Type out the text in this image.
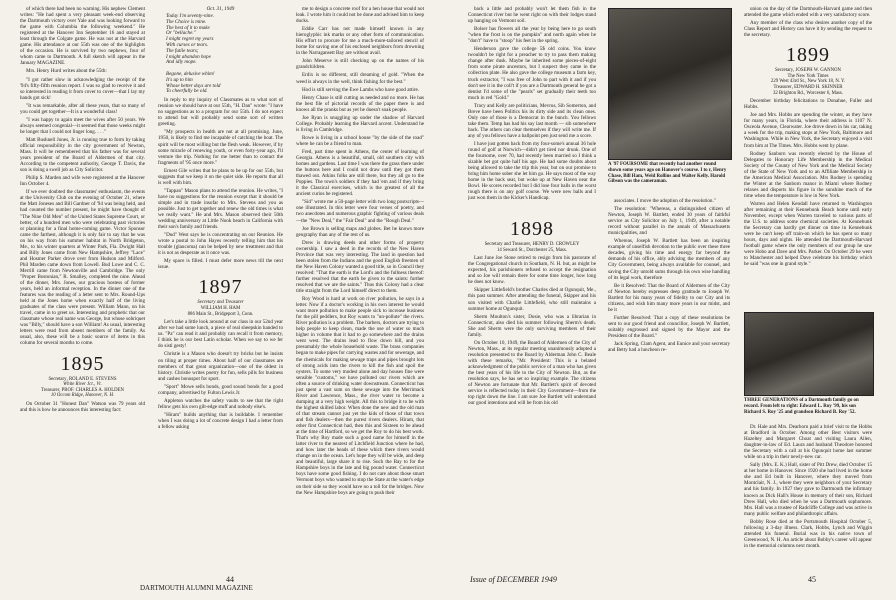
of which there had been no warning. His nephew Clement writes: "He had spent a very pleasant week-end observing the Dartmouth victory over Yale and was looking forward to the game with Columbia the following weekend." He registered at the Hanover Inn September 16 and stayed at least through the Colgate game. He was not at the Harvard game. His attendance at our 55th was one of the highlights of the occasion. He is survived by two nephews, four of whom came to Dartmouth. A full sketch will appear in the January MAGAZINE.

Mrs. Henry Hurd writes about the 55th:

"I got rather slow in acknowledging the receipt of the '94's fifty-fifth reunion report. I was so glad to receive it and so interested in reading it from cover to cover—that I lay my hands got sick!

"It was remarkable, after all these years, that so many of you could get together—It is a wonderful class!

"I was happy to again meet the wives after 50 years. We always seemed congenial—it seemed that those weeks might be longer that I could not linger long. . . ."

Matt Bushnell Jones, Jr. is running true to form by taking official responsibility in the city government of Newton, Mass. It will be remembered that his father was for several years president of the Board of Aldermen of that city. According to the competent authority, George T. Davis, the son is doing a swell job as City Solicitor.

Philip S. Marden and wife were registered at the Hanover Inn October 4.

If we ever doubted the classmates' enthusiasm, the events at the University Club on the evening of October 21, where the Matt Joneses and Bill Gardner of '94 was being held, and had counted the number present, he might have thought of "The Nine Old Men" of the United States Supreme Court, or better, of a hundred men who were celebrating past victories or planning for a final home-coming game. Victor Sponsor came the farthest, although it is only fair to say that he was on his way from his summer habitat in North Bridgeton, Me., to his winter quarters at Winter Park, Fla. Dwight Hall and Billy Jones came from New Hampshire, Jeffrey "Lace" and Hosmer Parker drove over from Hudson and Milford. Phil Marden came down from Lowell. Bud Lowe and C. C. Merrill came from Newtonville and Cambridge. The only "Proper Bostonian," R. Smalley, completed the nine. Ahead of the dinner, Mrs. Jones, our gracious hostess of former years, held an informal reception. In the dinner one of the features was the reading of a letter sent to Mrs. Round-Ups held at the Jones home when exactly half of the living graduates of the class were present. William Mann, on his travel, came in to greet us. Interesting and prophetic that our classmate whose real name was George, but whose sobriquet was "Billy," should have a son William! As usual, interesting letters were read from absent members of the family. As usual, also, these will be a basic source of items in this column for several months to come.

1895
Secretary, ROLAND E. STEVENS
White River Jct., Vt.
Treasurer, PROF. CHARLES A. HOLDEN
10 Occom Ridge, Hanover, N. H.

On October 31 "Honest Dan" Watson was 79 years old and this is how he announces this interesting fact:

Oct. 31, 1949
Today I'm seventy-nine.
The Choice is mine.
The best of it to make
Or "bellache."
I might regret my years
With curses or tears.
The futile tears;
I might abandon hope
And idly mope.

Begone, delusive whim!
It's up to him
Whose better days are told
To cheerfully be old.

In reply to my inquiry of Classmates as to what sort of reunion we should have at our 55th, "H. Dan" wrote: "I have no suggestions as to a program for our 55th. I do not expect to attend but will probably send some sort of written greeting.

"My prospects in health are not at all promising. June, 1950, is likely to find me incapable of catching the boat. The spirit will be most willing but the flesh weak. However, if by some miracle of renewing youth, or even forty-year ago, I'll venture the trip. Nothing for me better than to contact the fragments of '95 once more."

Ernest Gile writes that he plans to be up for our 55th, but suggests that we keep it on the quiet side. He reports that all is well with him.

"Tappan" Mason plans to attend the reunion. He writes, "I have no suggestions for the reunion except that it should be simple and in trade insofar to Mrs. Stevens and you as possible. Just to get together and renew the old times is what we really want." He and Mrs. Mason observed their 50th wedding anniversary at Little Nook beach in California with their son's family and friends.

"Dud" West says he is concentrating on our Reunion. He wrote a postal to John Hayes recently telling him that his trouble (glaucoma) can be helped by new treatment and that it is not as desperate as it once was.

My space is filled. I must defer more news till the next issue.

1897
Secretary and Treasurer
WILLIAM H. HAM
886 Main St., Bridgeport 3, Conn.

Let's take a little look around at our class in our 52nd year after we had some lunch, a piece of real sheepskin handed to us. "Pa" can read it and probably can recall it from memory, I think he is our best Latin scholar. When we say to we fer do sisti gesty!

Christie is a Mason who doesn't try bricks but he insists on tiling at proper times. About half of our classmates are members of that great organization—one of the oldest in history. Christie writes poetry for fun, sells pills for business and cashes bonuspot for sport.

"Sport" Mowe sells bonds, good sound bonds for a good company, advertised by Fulton Lewis Jr.

Appleton watches the safety vaults to see that the right fellow gets his own gilt-edge stuff and nobody else's.

"Hiram" builds anything that is buildable. I remember when I was doing a lot of concrete design I had a letter from a fellow asking

me to design a concrete roof for a hen house that would not leak. I wrote him it could not be done and advised him to keep ducks.

Eddie Carr has not made himself known in any hieroglyphic ink marks or any other form of communication. His effort to procure for me a much-more-tailored stencil of home for saving one of his enclosed neighbors from drowning in the Narragansett Bay are without avail.

John Meserve is still checking up on the names of his grandchildren.

Erdix is no different, still dreaming of gold. "When the weed is always in the well, think fishing for the best."

Hod is still serving the Ewe Lambs who have good attire.

Henry Chase is still cutting as needed and no more. He has the best file of pictorial records of the paper there is and knows all the pranks but as yet he doesn't soak people.

Joe Ryan is snuggling up under the shadow of Harvard College. Probably learning the Harvard accent. Understand he is living in Cambridge.

Rowe is living in a school house "by the side of the road" where he can be a friend to man.

Fred, part time spent in Athens, the center of learning of Georgia. Athens is a beautiful, small, old southern city with homes and gardens. Last time I was there the grass there under the buttons here and I could not draw until they got them thawed out. Atkins folks are still there, but they all go to the Poppies. The town's soldiers if they had 'em and if they bring it the Classical exercises, which is the greatest of all the ancient curios be registered.

"Sid" wrote me a 50-page letter with two long postscripts—one illustrated. In this letter were four verses of poetry, and two anecdotes and numerous graphic fighting of various deals—the "New Deal," the "Fair Deal" and the "Rough Deal."

Joe Brown is selling maps and globes. Bet he knows more geography than any of the rest of us.

Drew is drawing deeds and other forms of property ownership. I saw a deed in the records of the New Haven Province that was very interesting. The land in question had been stolen from the Indians and the good English freemen of the New Haven Colony wanted a good title, so in Council they resolved: "That the earth is the Lord's and the fullness thereof: further resolved that the earth be given to the saints: further resolved that we are the saints." Thus this Colony had a clear title straight from the Lord himself direct to them.

Roy Wood is hard at work on river pollution, he says in a letter. Now if a doctor's working in his own interest he would want more pollution to make people sick to increase business for the pill peddlers, but Roy wants to "un-pollute" the rivers. River pollution is a problem. The barbers, doctors are trying to help people to keep clean, made the use of water so much higher in volume that it had to go somewhere and the drains went west. The drains lead to flow down hill, and you presumably the whole household waste. The brass companies began to make pipes for carrying wastes and for sewerage, and the chemicals for making sewage traps and pipes brought lots of strong acids into the rivers to kill the fish and spoil the oysters. To some very modest alone and day houses fine were sensible "customs," we have polluted our rivers which are often a source of drinking water downstream. Connecticut has just spent a vast sum on these sewage into the Merrimack River and Lawrence, Mass., the river water to become a dumping at a very high weight. All this to bridge it to be with the highest skilled labor. When done the new and the old man of that stream cannot just yet the kids of those of that town and fish dealers—then the purest rivers dealers. Hiram, that other first Connecticut had, then this and Sixteen to be ahead at the time of Hartford, so we get the Roy to do his best work. That's why Roy made such a good name for himself in the latter river to the nearest of Litchfield Junction where he had, and how later the heads of these which there rivers would change on in the ocean. Let's hope they will be wide, and deep and beautiful, large share it to rise. Such the Bay to for the Hampshire boys in the late and big pound water. Connecticut boys have some good fishing. I do not care about those smart Vermont boys who wanted to stop the State at the water's edge on their side so they would have no a toll for the bridges. Now the New Hampshire boys are going to push their

44
DARTMOUTH ALUMNI MAGAZINE

back a little and probably won't let them fish in the Connecticut river but he went right on with their lodges stand up hanging on Vermont soil.

Bolser has flowers all the year by being here to go south "when the frost is on the pumpkin" and north again when he "don't" have to "stoop" his feet in the spring.

Henderson gave the college 5$ old coins. You know twouldn't be right for a preacher to try to pass them making change after dusk. Maybe he inherited some pieces-of-eight from some pirate ancestors, but I suspect they came in the collection plate. He also gave the college museum a farm key, truck extractor, "I was free of John to part with it and if you don't see it in the coll't if you are a Dartmouth general he got a dentist I'd some of the "pearls" set gradually their teeth too much in red "Gold."

Tracy and Kelly are politicians, Mevrus, Sib Somerton, and Breve have been Politics his its dirty side and its clean ones. Only one of those is a Democrat in the bunch. You fellows take them. Temp has had his say last month — sib somewhere back. The others can clear themselves if they will write me. If any of you fellows have a ballpoint pen just send me a score.

I have just gotten back from my four-some's annual 36 hole round of golf at Norwich—didn't get tired nor drunk. One of the foursome, over 70, had recently been married so I think a sizable bet got quite half his age. He had some doubts about being allowed to take the trip this year, but on our promise to bring him home sober she let him go. He says most of the way home in the back seat, but woke up at New Haven near the Bowl. He scores recorded but I did lose four balls in the worst rough there is on any golf course. We were new balls and I just won them in the Kicker's Handicap.

A '97 FOURSOME that recently had another round shown some years ago on Hanover's course. I to r, Henry Chase, Bill Ham, Weld Rollins and Walter Kelly. Harold Gibson was the cameraman.
1898
Secretary and Treasurer, HENRY D. CROWLEY
14 Seward St., Dorchester 25, Mass.

Last June Joe Stone retired to resign from his pastorate of the Congregational church in Southam, N. H. but, as might be expected, his parishioners refused to accept the resignation and so Joe will remain there for some time longer, how long he does not know.

Skipper Littlefield's brother Charles died at Ogunquit, Me., this past summer. After attending the funeral, Skipper and his son visited with Charlie Littlefield, who still maintains a summer home at Ogunquit.

Sherm Moulton's sister, Dosie, who was a librarian in Connecticut, also died his summer following Sherm's death. She and Sherm were the only surviving members of their family.

On October 10, 1949, the Board of Aldermen of the City of Newton, Mass., at its regular meeting unanimously adopted a resolution presented to the Board by Alderman John C. Beale with these remarks, "Mr. President: This is a belated acknowledgment of the public service of a man who has given the best years of his life to the City of Newton. But, as the resolution says, he has set so inspiring example. The citizens of Newton are fortunate that Mr. Bartlett's spirit of devoted service is reflected today in their City Government—from the top right down the line. I am sure Joe Bartlett will understand our good intentions and will be from his old

associates. I move the adoption of the resolution."

The resolution: "Whereas, a distinguished citizen of Newton, Joseph W. Bartlett, ended 30 years of faithful service as City Solicitor on July 1, 1949, after a notable record without parallel in the annals of Massachusetts municipalities, and

Whereas, Joseph W. Bartlett has been an inspiring example of unselfish devotion to the public over these three decades, giving his time and energy far beyond the demands of his office, ably advising the members of any City Government, being always available for counsel, and saving the City untold sums through his own wise handling of its legal work, therefore

Be it Resolved: That the Board of Aldermen of the City of Newton hereby expresses deep gratitude to Joseph W. Bartlett for his many years of fidelity to our City and its citizens, and wish him many more years in our midst, and be it

Further Resolved: That a copy of these resolutions be sent to our good friend and councillor, Joseph W. Bartlett, suitably engrossed and signed by the Mayor and the President of the Board."

Jack Spring, Clam Agent, and Eunice and your secretary and Betty had a luncheon re-

union on the day of the Dartmouth-Harvard game and then attended the game which ended with a very satisfactory score.

Any member of the class who desires another copy of the Class Report and History can have it by sending the request to the secretary.

1899
Secretary, JOSEPH W. GANNON
The New York Times
229 West 43rd St., New York 18, N. Y.
Treasurer, EDWARD H. SKINNER
32 Brighton Rd., Worcester 6, Mass.

December birthday felicitations to Donahue, Fuller and Hobbs.

Joe and Mrs. Hobbs are spending the winter, as they have for many years, in Florida, where their address is 1107 N. Osceola Avenue, Clearwater. Joe drove down in his car, taking a week for the trip, making stops at New York, Baltimore and Washington. While in New York, the Secretary enjoyed a visit from him at The Times. Mrs. Hobbs went by plane.

Rodney Sanborn was recently elected by the House of Delegates to Honorary Life Membership in the Medical Society of the County of New York and the Medical Society of the State of New York and to an Affiliate Membership in the American Medical Association. Mrs Rodney is spending the Winter at the Sanborn manor in Miami where Rodney relaxes and disports his figure in the sunshine much of the time when the temperature is low in New York.

Warren and Helen Kendall have returned to Washington after remaining at their Kennebunk Beach home until early November, except when Warren traveled to various parts of the U.S. to address some chemical societies. At Kennebunk the Secretary can hardly get dinner on time in Kennebunk were he can't keep off train-on which he has spent so many hours, days and nights. He attended the Dartmouth-Harvard football game where the only members of our group he saw were Hobo and Dave and Mrs. Parker. On October 29 he went to Manchester and helped Dave celebrate his birthday which he said "was one in grand style."

THREE GENERATIONS of a Dartmouth family go on record. From left to right: Edward L. Roy '99, his son Richard S. Roy '25 and grandson Richard B. Roy '52.

Dr. Hale and Mrs. Dearborn paid a brief visit to the Hobbs at Bradford in October. Among other Best visitors were Hazeltey and Margaret Choat and visiting Laura Allen, daughter-in-law of Ed. Laura and husband Theodore honored the Secretary with a call at his Ogunquit home last summer while on a trip in their newly-new car.

Sally (Mrs. E. K.) Hall, sister of Pitt Drew, died October 15 at her home in Hanover. Since 1920 she had lived in the home she and Ed built in Hanover, where they moved from Montclair, N. J., where they were neighbors of your Secretary and his family. In 1927 they gave to Dartmouth the infirmary known as Dick Hall's House in memory of their son, Richard Drew Hall, who died when he was a Dartmouth sophomore. Mrs. Hall was a trustee of Radcliffe College and was active in many public welfare and philanthropic affairs.

Bobby Rose died at the Portsmouth Hospital October 5, following a 3-day illness. Clark, Hobbs, Lynch and Wiggin attended his funeral. Burial was in his native town of Greenwood, N. H. An article about Bobby's career will appear in the memorial columns next month.

Issue of DECEMBER 1949	45
